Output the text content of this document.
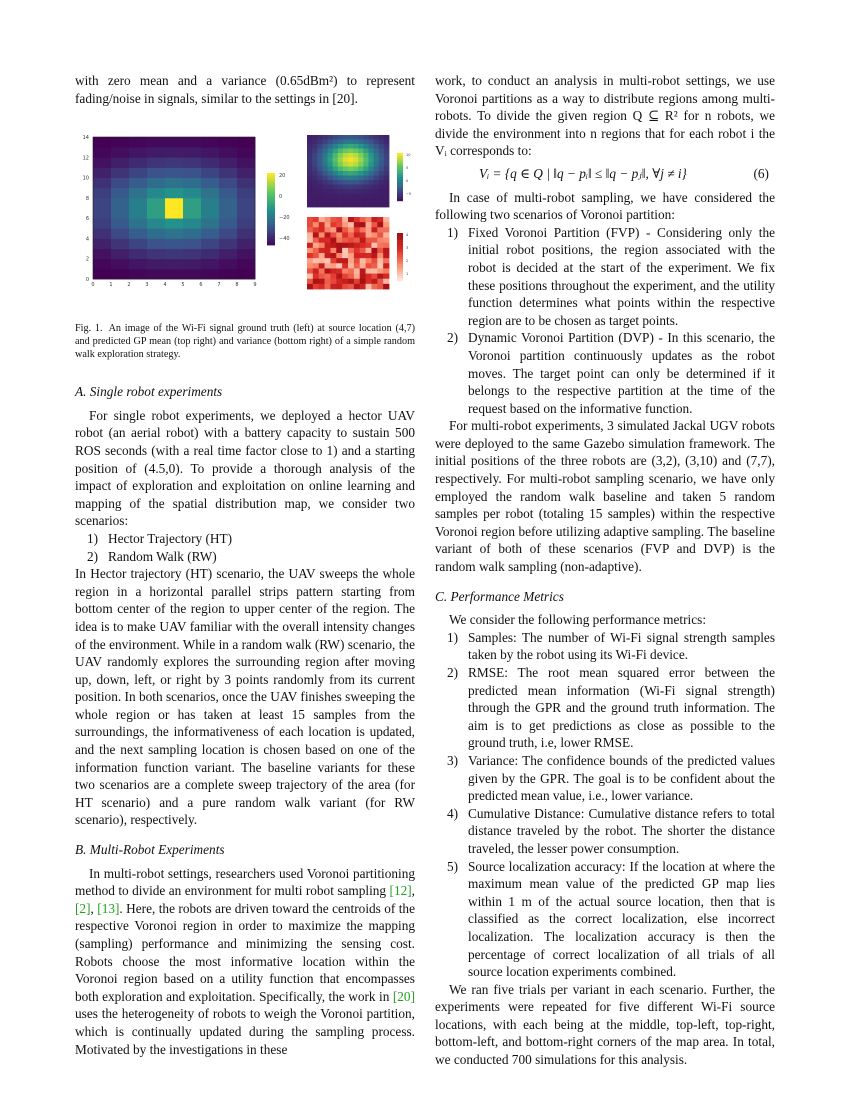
with zero mean and a variance (0.65dBm²) to represent fading/noise in signals, similar to the settings in [20].

14
12
10
8
6
4
2
0
0	1	2	3	4	5	6	7	8	9
20
0
−20
−40
10
5
0
−5
4
3
2
1
Fig. 1. An image of the Wi-Fi signal ground truth (left) at source location (4,7) and predicted GP mean (top right) and variance (bottom right) of a simple random walk exploration strategy.
A. Single robot experiments

For single robot experiments, we deployed a hector UAV robot (an aerial robot) with a battery capacity to sustain 500 ROS seconds (with a real time factor close to 1) and a starting position of (4.5,0). To provide a thorough analysis of the impact of exploration and exploitation on online learning and mapping of the spatial distribution map, we consider two scenarios:

1) Hector Trajectory (HT)
2) Random Walk (RW)

In Hector trajectory (HT) scenario, the UAV sweeps the whole region in a horizontal parallel strips pattern starting from bottom center of the region to upper center of the region. The idea is to make UAV familiar with the overall intensity changes of the environment. While in a random walk (RW) scenario, the UAV randomly explores the surrounding region after moving up, down, left, or right by 3 points randomly from its current position. In both scenarios, once the UAV finishes sweeping the whole region or has taken at least 15 samples from the surroundings, the informativeness of each location is updated, and the next sampling location is chosen based on one of the information function variant. The baseline variants for these two scenarios are a complete sweep trajectory of the area (for HT scenario) and a pure random walk variant (for RW scenario), respectively.

B. Multi-Robot Experiments

In multi-robot settings, researchers used Voronoi partitioning method to divide an environment for multi robot sampling [12], [2], [13]. Here, the robots are driven toward the centroids of the respective Voronoi region in order to maximize the mapping (sampling) performance and minimizing the sensing cost. Robots choose the most informative location within the Voronoi region based on a utility function that encompasses both exploration and exploitation. Specifically, the work in [20] uses the heterogeneity of robots to weigh the Voronoi partition, which is continually updated during the sampling process. Motivated by the investigations in these

work, to conduct an analysis in multi-robot settings, we use Voronoi partitions as a way to distribute regions among multi-robots. To divide the given region Q ⊆ R² for n robots, we divide the environment into n regions that for each robot i the Vᵢ corresponds to:

Vᵢ = {q ∈ Q | ‖q − pᵢ‖ ≤ ‖q − pⱼ‖, ∀j ≠ i}	(6)

In case of multi-robot sampling, we have considered the following two scenarios of Voronoi partition:

1) Fixed Voronoi Partition (FVP) - Considering only the initial robot positions, the region associated with the robot is decided at the start of the experiment. We fix these positions throughout the experiment, and the utility function determines what points within the respective region are to be chosen as target points.
2) Dynamic Voronoi Partition (DVP) - In this scenario, the Voronoi partition continuously updates as the robot moves. The target point can only be determined if it belongs to the respective partition at the time of the request based on the informative function.

For multi-robot experiments, 3 simulated Jackal UGV robots were deployed to the same Gazebo simulation framework. The initial positions of the three robots are (3,2), (3,10) and (7,7), respectively. For multi-robot sampling scenario, we have only employed the random walk baseline and taken 5 random samples per robot (totaling 15 samples) within the respective Voronoi region before utilizing adaptive sampling. The baseline variant of both of these scenarios (FVP and DVP) is the random walk sampling (non-adaptive).

C. Performance Metrics

We consider the following performance metrics:

1) Samples: The number of Wi-Fi signal strength samples taken by the robot using its Wi-Fi device.
2) RMSE: The root mean squared error between the predicted mean information (Wi-Fi signal strength) through the GPR and the ground truth information. The aim is to get predictions as close as possible to the ground truth, i.e, lower RMSE.
3) Variance: The confidence bounds of the predicted values given by the GPR. The goal is to be confident about the predicted mean value, i.e., lower variance.
4) Cumulative Distance: Cumulative distance refers to total distance traveled by the robot. The shorter the distance traveled, the lesser power consumption.
5) Source localization accuracy: If the location at where the maximum mean value of the predicted GP map lies within 1 m of the actual source location, then that is classified as the correct localization, else incorrect localization. The localization accuracy is then the percentage of correct localization of all trials of all source location experiments combined.

We ran five trials per variant in each scenario. Further, the experiments were repeated for five different Wi-Fi source locations, with each being at the middle, top-left, top-right, bottom-left, and bottom-right corners of the map area. In total, we conducted 700 simulations for this analysis.
